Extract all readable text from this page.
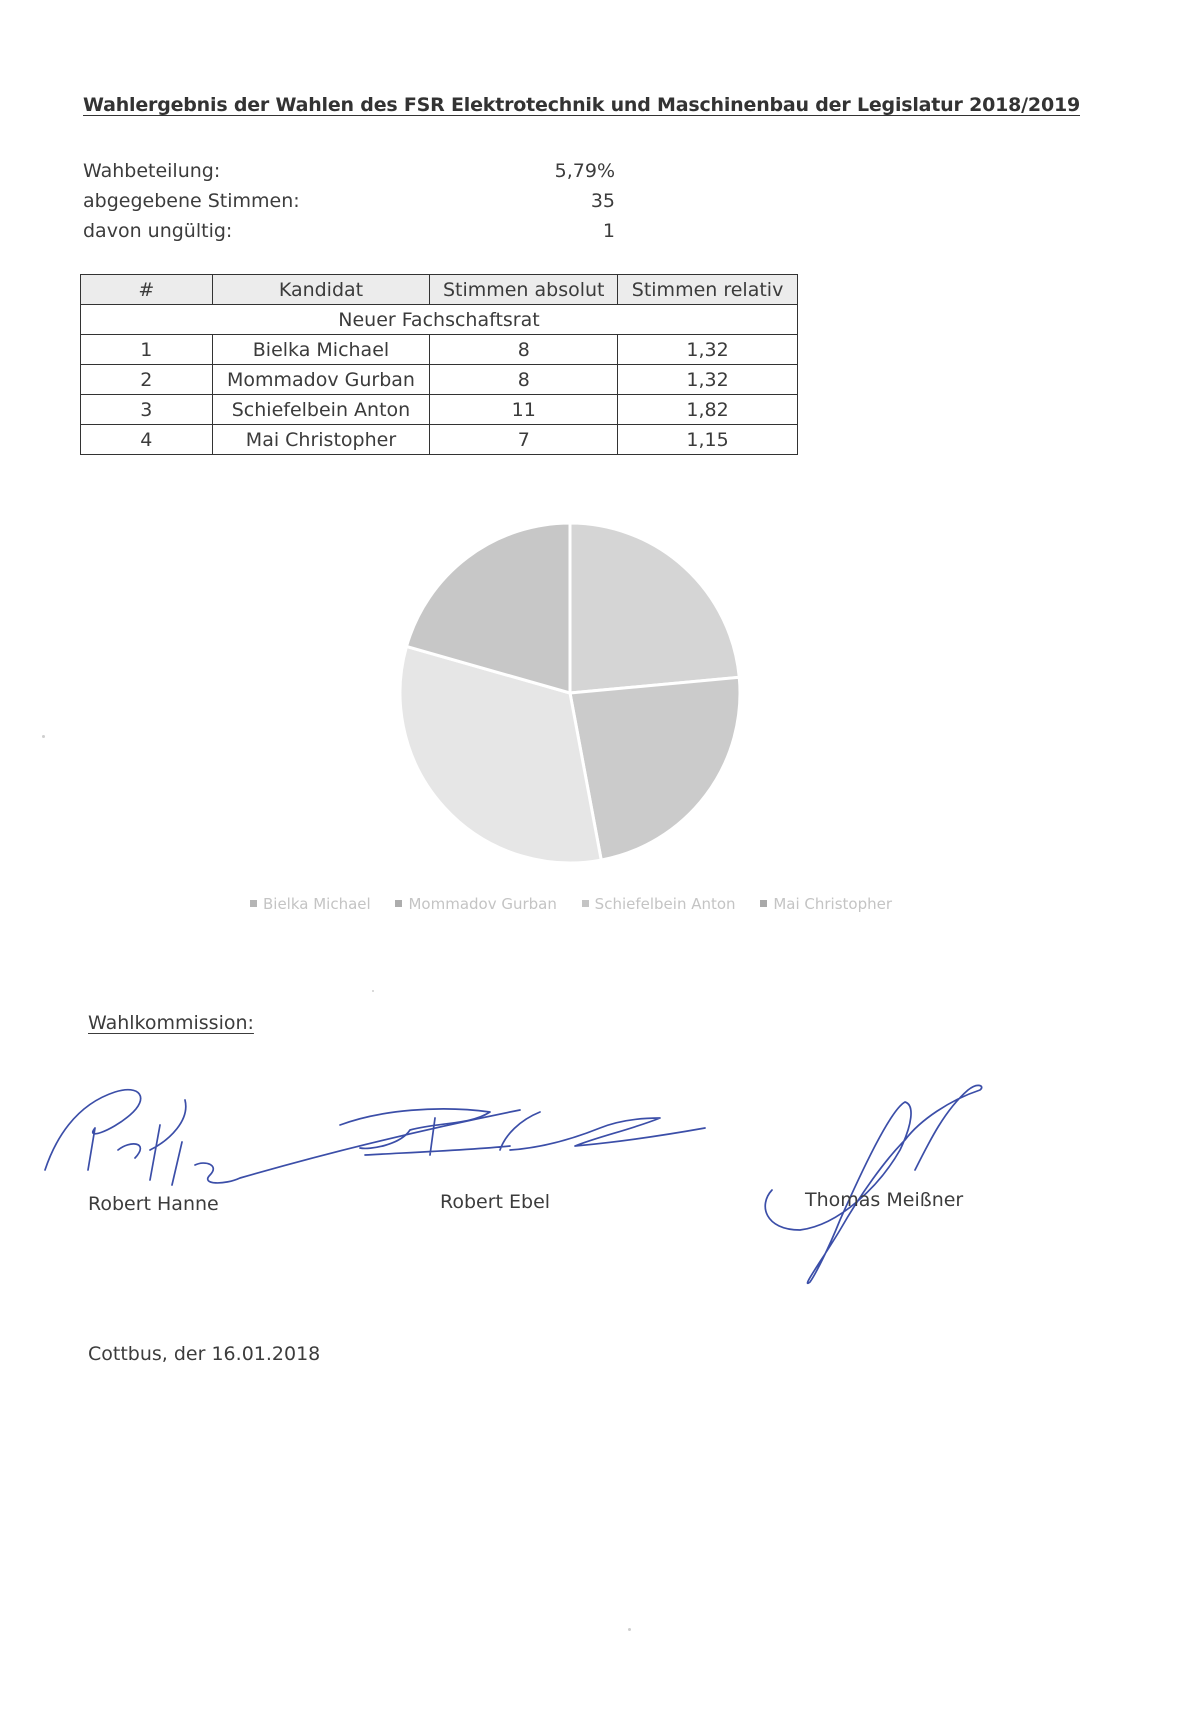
Wahlergebnis der Wahlen des FSR Elektrotechnik und Maschinenbau der Legislatur 2018/2019
Wahbeteilung:	5,79%
abgegebene Stimmen:	35
davon ungültig:	1
#	Kandidat	Stimmen absolut	Stimmen relativ
Neuer Fachschaftsrat			
1	Bielka Michael	8	1,32
2	Mommadov Gurban	8	1,32
3	Schiefelbein Anton	11	1,82
4	Mai Christopher	7	1,15
Bielka Michael	Mommadov Gurban	Schiefelbein Anton	Mai Christopher
Wahlkommission:
Robert Hanne	Robert Ebel	Thomas Meißner
Cottbus, der 16.01.2018
